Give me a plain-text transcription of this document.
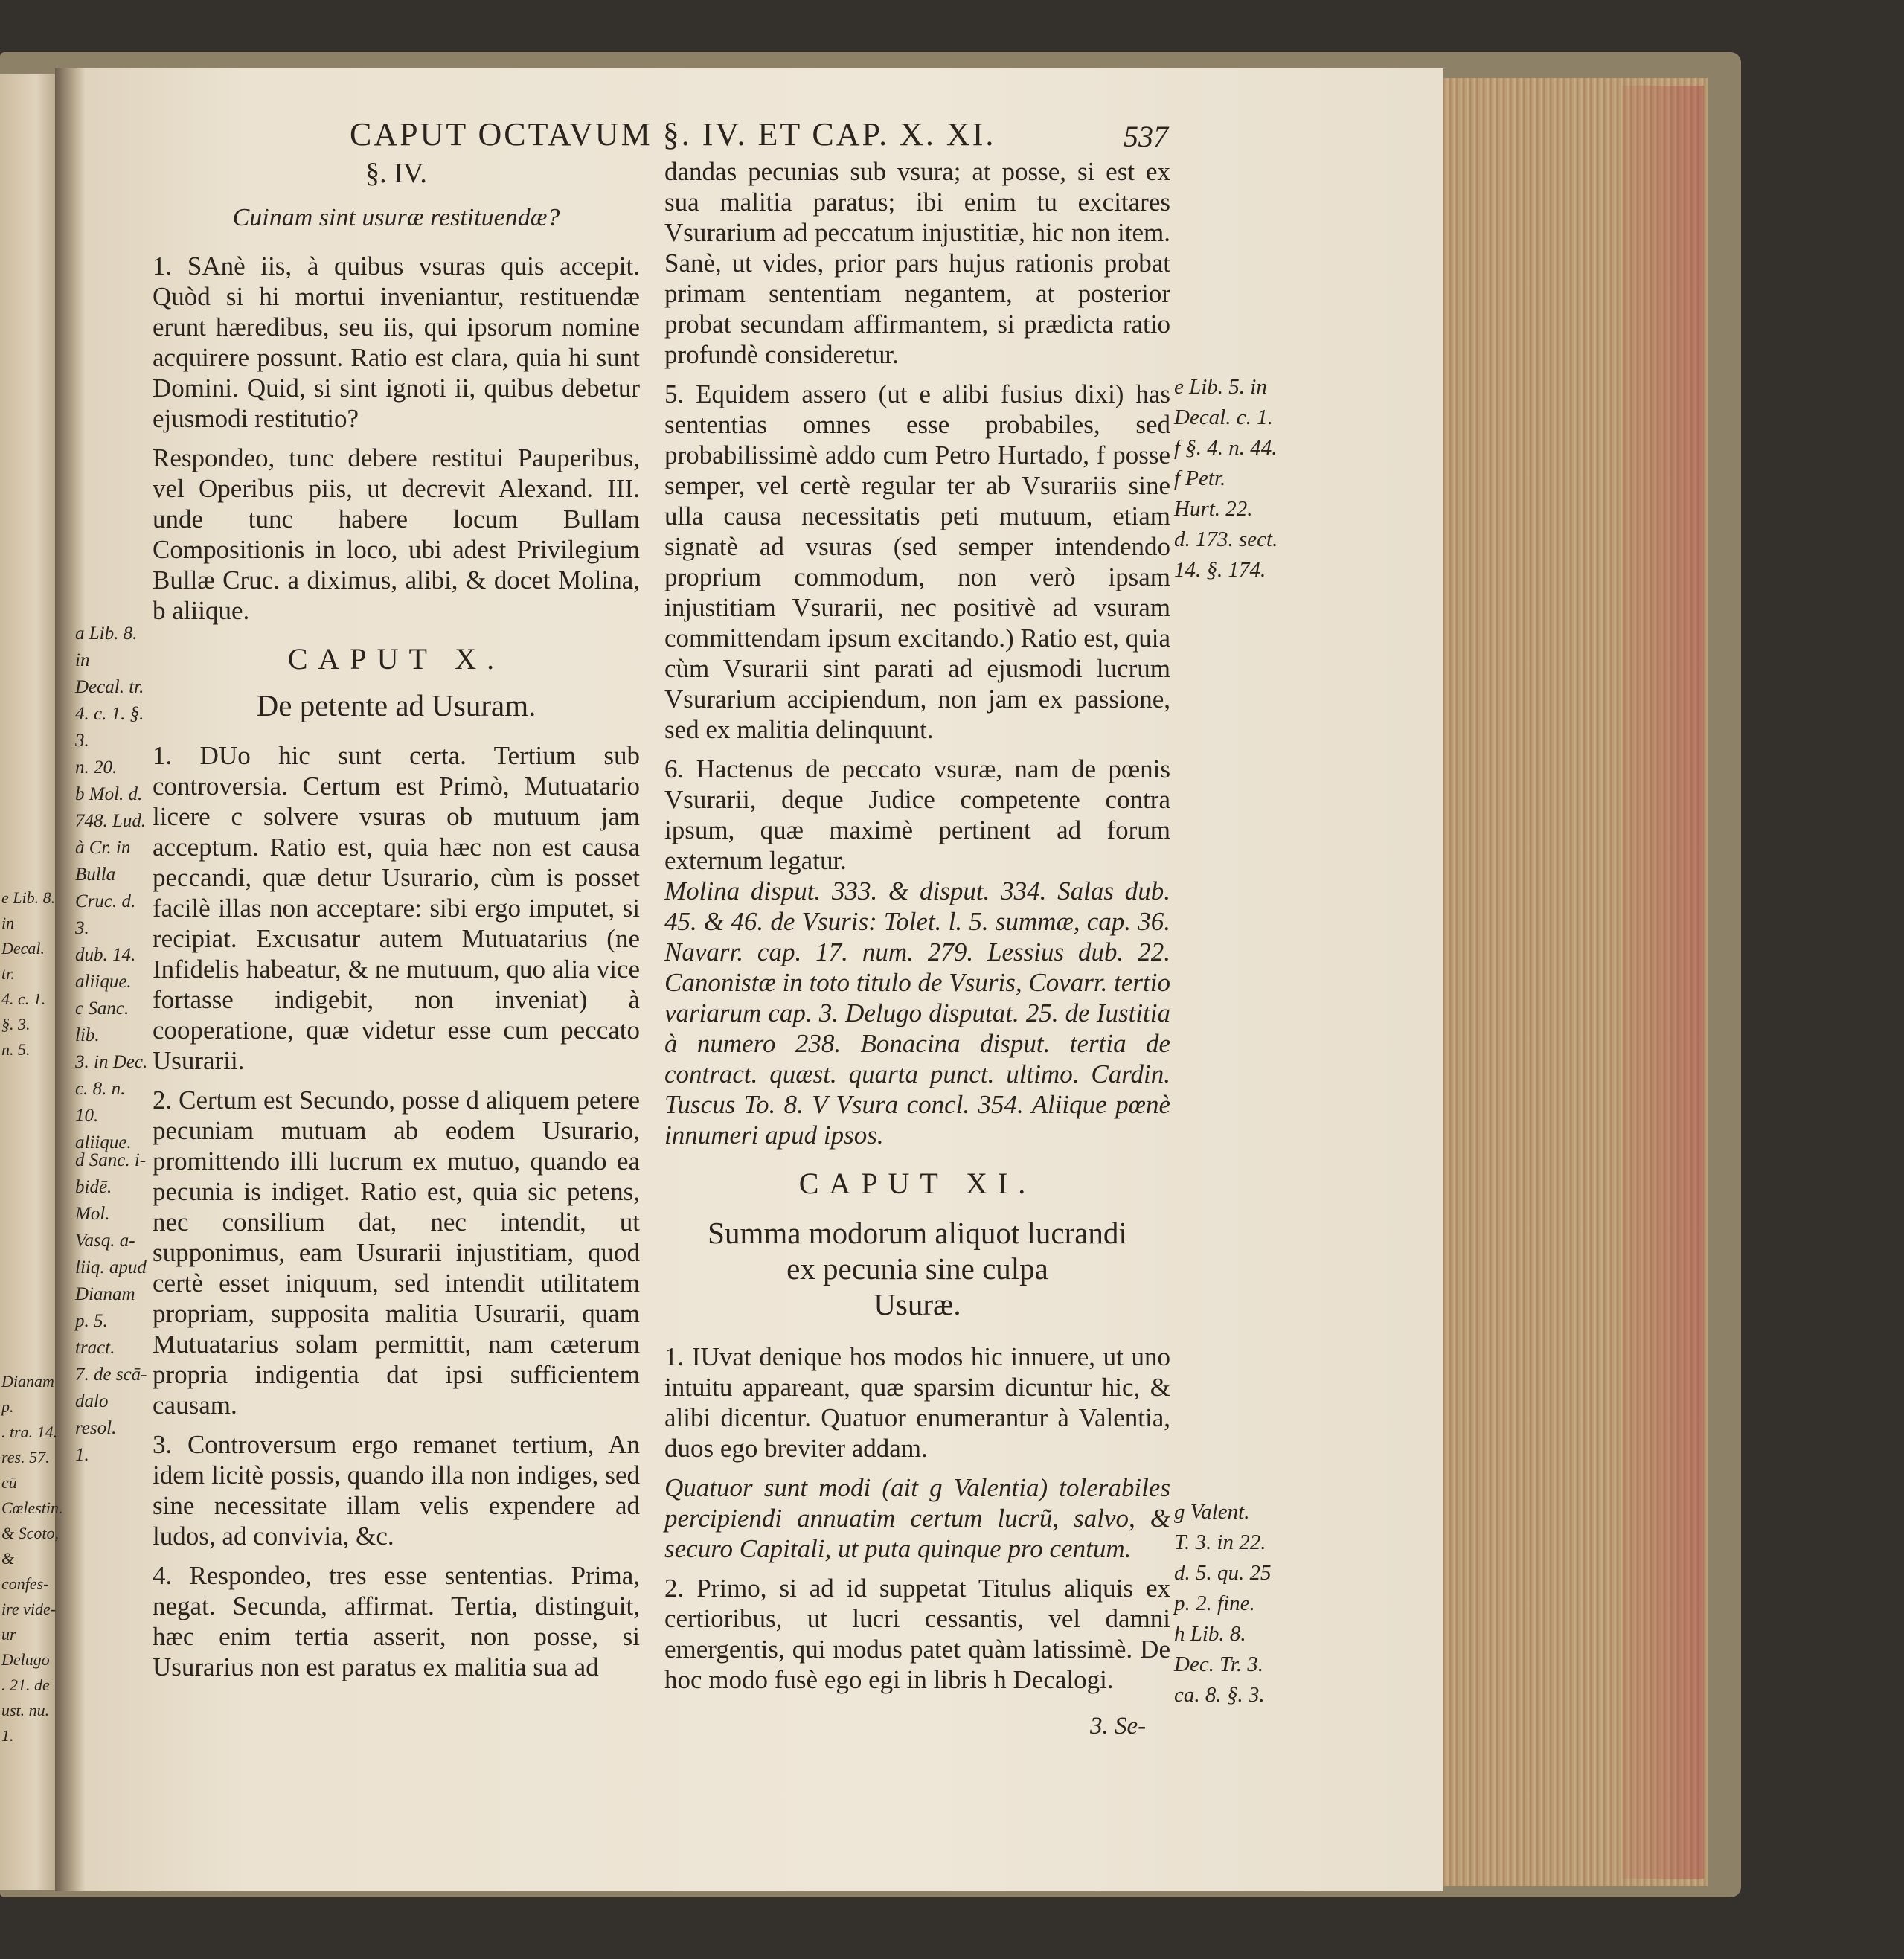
e Lib. 8. in
Decal. tr.
4. c. 1. §. 3.
n. 5.
Dianam p.
. tra. 14.
res. 57. cū
Cœlestin.
& Scoto,
& confes-
ire vide-
ur Delugo
. 21. de
ust. nu.
1.
CAPUT OCTAVUM §. IV. ET CAP. X. XI.	537
§. IV.
Cuinam sint usuræ restituendæ?

1. SAnè iis, à quibus vsuras quis accepit. Quòd si hi mortui inveniantur, restituendæ erunt hæredibus, seu iis, qui ipsorum nomine acquirere possunt. Ratio est clara, quia hi sunt Domini. Quid, si sint ignoti ii, quibus debetur ejusmodi restitutio?

Respondeo, tunc debere restitui Pauperibus, vel Operibus piis, ut decrevit Alexand. III. unde tunc habere locum Bullam Compositionis in loco, ubi adest Privilegium Bullæ Cruc. a diximus, alibi, & docet Molina, b aliique.

CAPUT X.
De petente ad Usuram.

1. DUo hic sunt certa. Tertium sub controversia. Certum est Primò, Mutuatario licere c solvere vsuras ob mutuum jam acceptum. Ratio est, quia hæc non est causa peccandi, quæ detur Usurario, cùm is posset facilè illas non acceptare: sibi ergo imputet, si recipiat. Excusatur autem Mutuatarius (ne Infidelis habeatur, & ne mutuum, quo alia vice fortasse indigebit, non inveniat) à cooperatione, quæ videtur esse cum peccato Usurarii.

2. Certum est Secundo, posse d aliquem petere pecuniam mutuam ab eodem Usurario, promittendo illi lucrum ex mutuo, quando ea pecunia is indiget. Ratio est, quia sic petens, nec consilium dat, nec intendit, ut supponimus, eam Usurarii injustitiam, quod certè esset iniquum, sed intendit utilitatem propriam, supposita malitia Usurarii, quam Mutuatarius solam permittit, nam cæterum propria indigentia dat ipsi sufficientem causam.

3. Controversum ergo remanet tertium, An idem licitè possis, quando illa non indiges, sed sine necessitate illam velis expendere ad ludos, ad convivia, &c.

4. Respondeo, tres esse sententias. Prima, negat. Secunda, affirmat. Tertia, distinguit, hæc enim tertia asserit, non posse, si Usurarius non est paratus ex malitia sua ad

a Lib. 8. in
Decal. tr.
4. c. 1. §. 3.
n. 20.
b Mol. d.
748. Lud.
à Cr. in
Bulla
Cruc. d. 3.
dub. 14.
aliique.
c Sanc. lib.
3. in Dec.
c. 8. n. 10.
aliique.
d Sanc. i-
bidē. Mol.
Vasq. a-
liiq. apud
Dianam
p. 5. tract.
7. de scā-
dalo resol.
1.

dandas pecunias sub vsura; at posse, si est ex sua malitia paratus; ibi enim tu excitares Vsurarium ad peccatum injustitiæ, hic non item. Sanè, ut vides, prior pars hujus rationis probat primam sententiam negantem, at posterior probat secundam affirmantem, si prædicta ratio profundè consideretur.

5. Equidem assero (ut e alibi fusius dixi) has sententias omnes esse probabiles, sed probabilissimè addo cum Petro Hurtado, f posse semper, vel certè regular ter ab Vsurariis sine ulla causa necessitatis peti mutuum, etiam signatè ad vsuras (sed semper intendendo proprium commodum, non verò ipsam injustitiam Vsurarii, nec positivè ad vsuram committendam ipsum excitando.) Ratio est, quia cùm Vsurarii sint parati ad ejusmodi lucrum Vsurarium accipiendum, non jam ex passione, sed ex malitia delinquunt.

6. Hactenus de peccato vsuræ, nam de pœnis Vsurarii, deque Judice competente contra ipsum, quæ maximè pertinent ad forum externum legatur.

Molina disput. 333. & disput. 334. Salas dub. 45. & 46. de Vsuris: Tolet. l. 5. summæ, cap. 36. Navarr. cap. 17. num. 279. Lessius dub. 22. Canonistæ in toto titulo de Vsuris, Covarr. tertio variarum cap. 3. Delugo disputat. 25. de Iustitia à numero 238. Bonacina disput. tertia de contract. quæst. quarta punct. ultimo. Cardin. Tuscus To. 8. V Vsura concl. 354. Aliique pœnè innumeri apud ipsos.

CAPUT XI.
Summa modorum aliquot lucrandi
ex pecunia sine culpa
Usuræ.

1. IUvat denique hos modos hic innuere, ut uno intuitu appareant, quæ sparsim dicuntur hic, & alibi dicentur. Quatuor enumerantur à Valentia, duos ego breviter addam.

Quatuor sunt modi (ait g Valentia) tolerabiles percipiendi annuatim certum lucrũ, salvo, & securo Capitali, ut puta quinque pro centum.

2. Primo, si ad id suppetat Titulus aliquis ex certioribus, ut lucri cessantis, vel damni emergentis, qui modus patet quàm latissimè. De hoc modo fusè ego egi in libris h Decalogi.

e Lib. 5. in
Decal. c. 1.
f §. 4. n. 44.
f Petr.
Hurt. 22.
d. 173. sect.
14. §. 174.
g Valent.
T. 3. in 22.
d. 5. qu. 25
p. 2. fine.
h Lib. 8.
Dec. Tr. 3.
ca. 8. §. 3.
3. Se-
